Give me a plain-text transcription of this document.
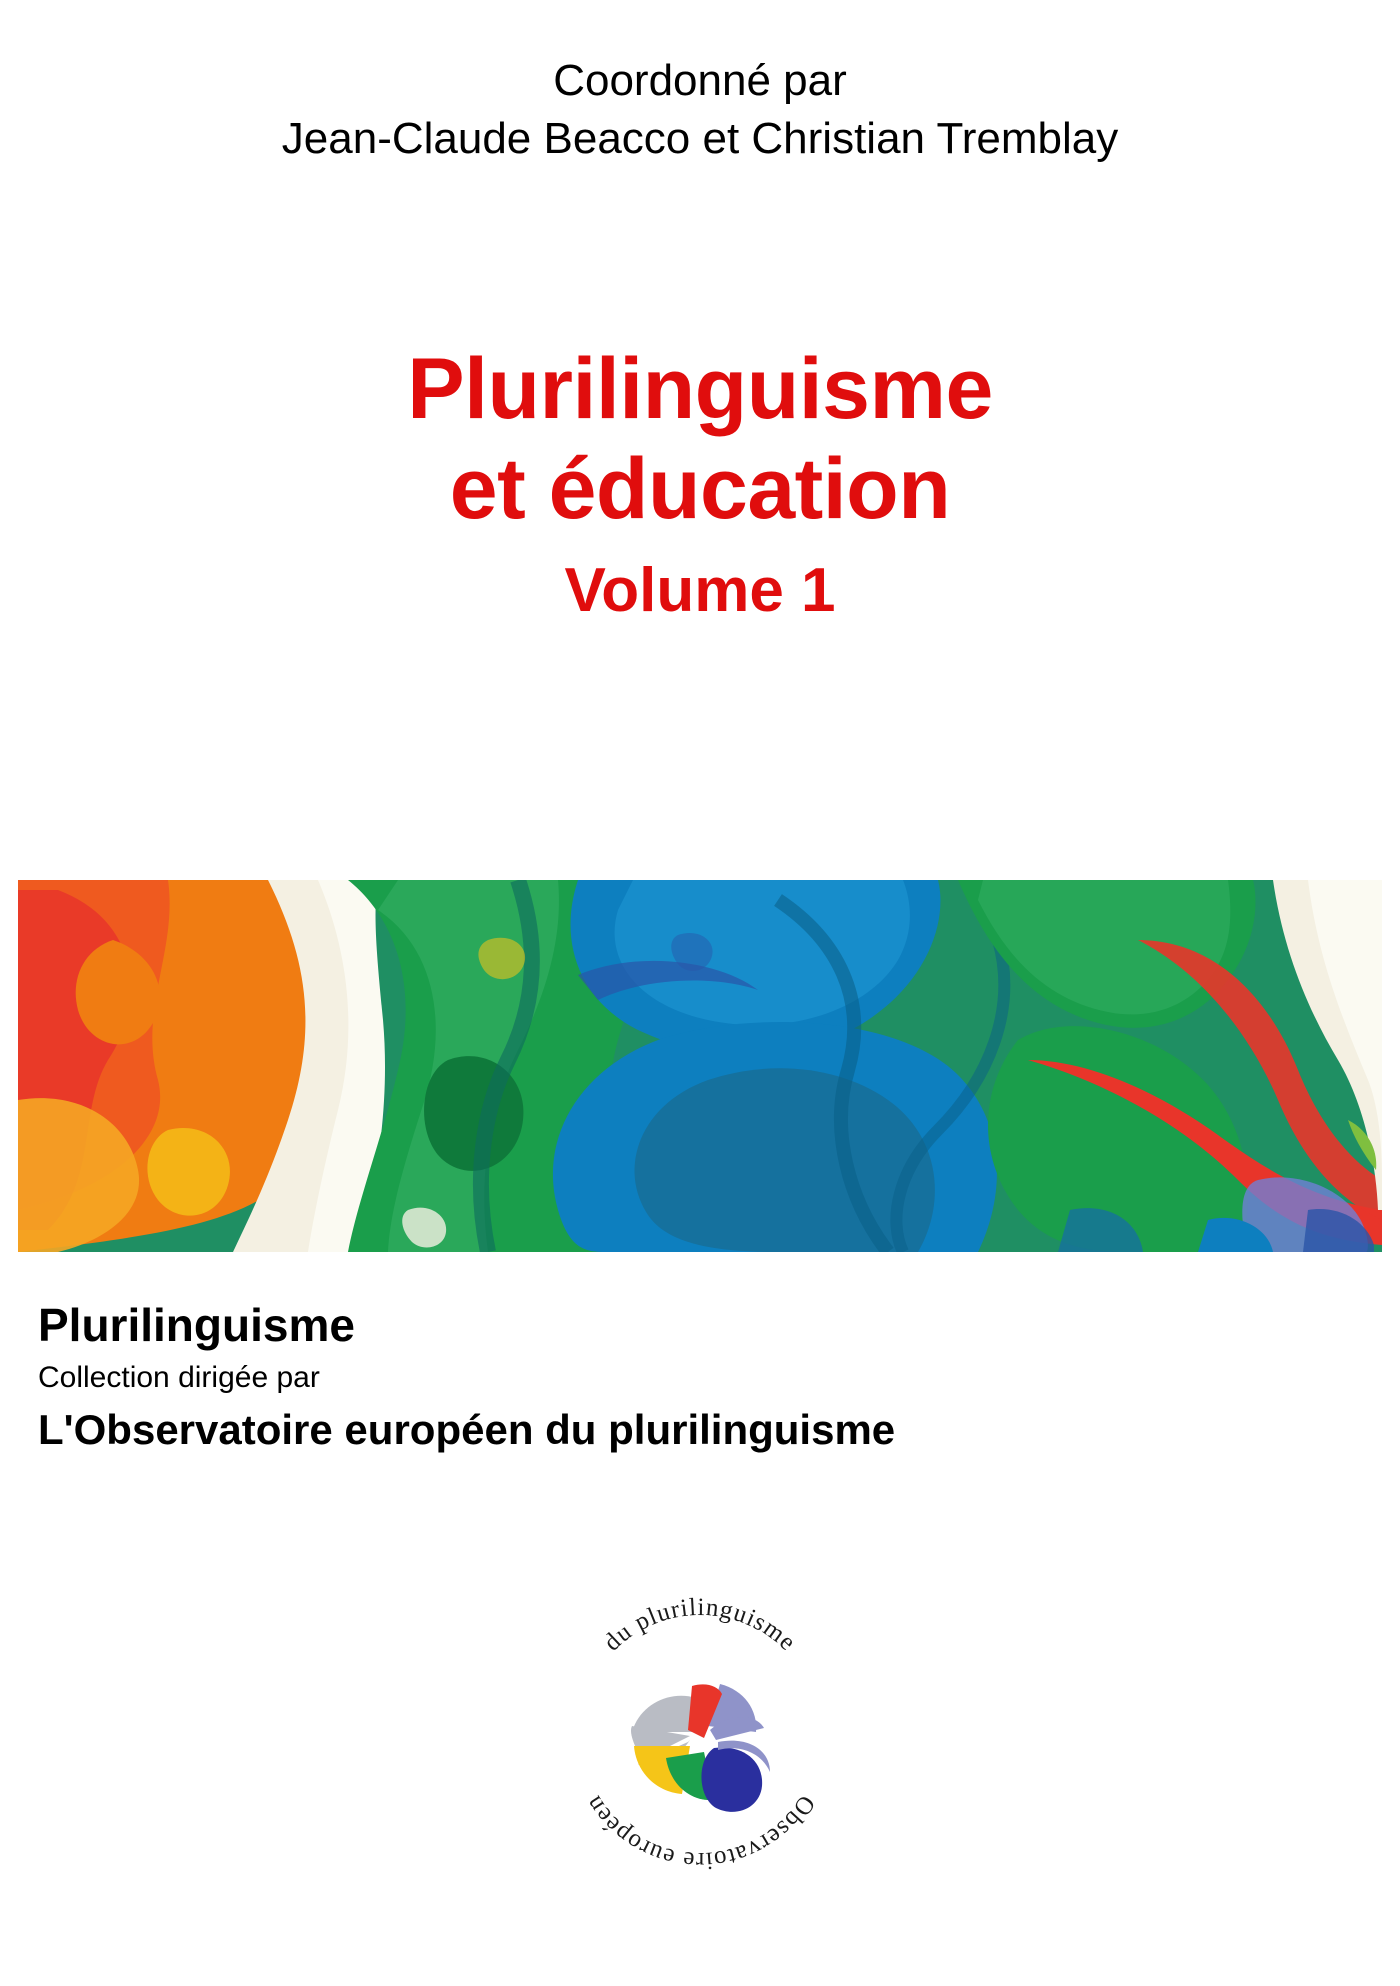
Coordonné par
Jean-Claude Beacco et Christian Tremblay
Plurilinguisme
et éducation
Volume 1
Plurilinguisme
Collection dirigée par
L'Observatoire européen du plurilinguisme
du plurilinguisme
Observatoire européen
